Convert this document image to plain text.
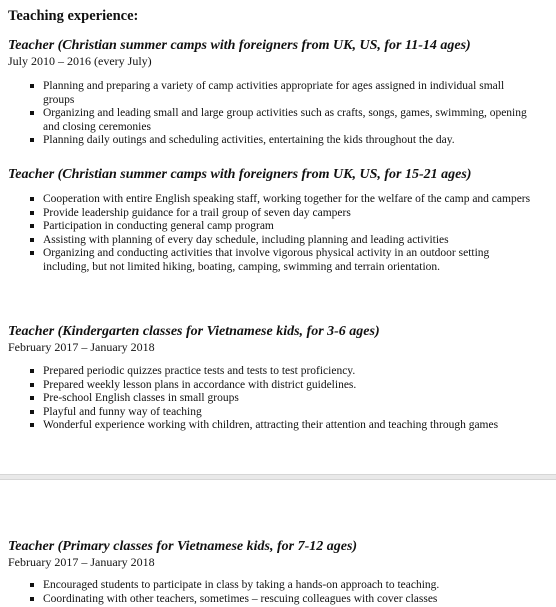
Teaching experience:

Teacher (Christian summer camps with foreigners from UK, US, for 11-14 ages)

July 2010 – 2016 (every July)

Planning and preparing a variety of camp activities appropriate for ages assigned in individual small groups
Organizing and leading small and large group activities such as crafts, songs, games, swimming, opening and closing ceremonies
Planning daily outings and scheduling activities, entertaining the kids throughout the day.

Teacher (Christian summer camps with foreigners from UK, US, for 15-21 ages)

Cooperation with entire English speaking staff, working together for the welfare of the camp and campers
Provide leadership guidance for a trail group of seven day campers
Participation in conducting general camp program
Assisting with planning of every day schedule, including planning and leading activities
Organizing and conducting activities that involve vigorous physical activity in an outdoor setting including, but not limited hiking, boating, camping, swimming and terrain orientation.

Teacher (Kindergarten classes for Vietnamese kids, for 3-6 ages)

February 2017 – January 2018

Prepared periodic quizzes practice tests and tests to test proficiency.
Prepared weekly lesson plans in accordance with district guidelines.
Pre-school English classes in small groups
Playful and funny way of teaching
Wonderful experience working with children, attracting their attention and teaching through games

Teacher (Primary classes for Vietnamese kids, for 7-12 ages)

February 2017 – January 2018

Encouraged students to participate in class by taking a hands-on approach to teaching.
Coordinating with other teachers, sometimes – rescuing colleagues with cover classes
